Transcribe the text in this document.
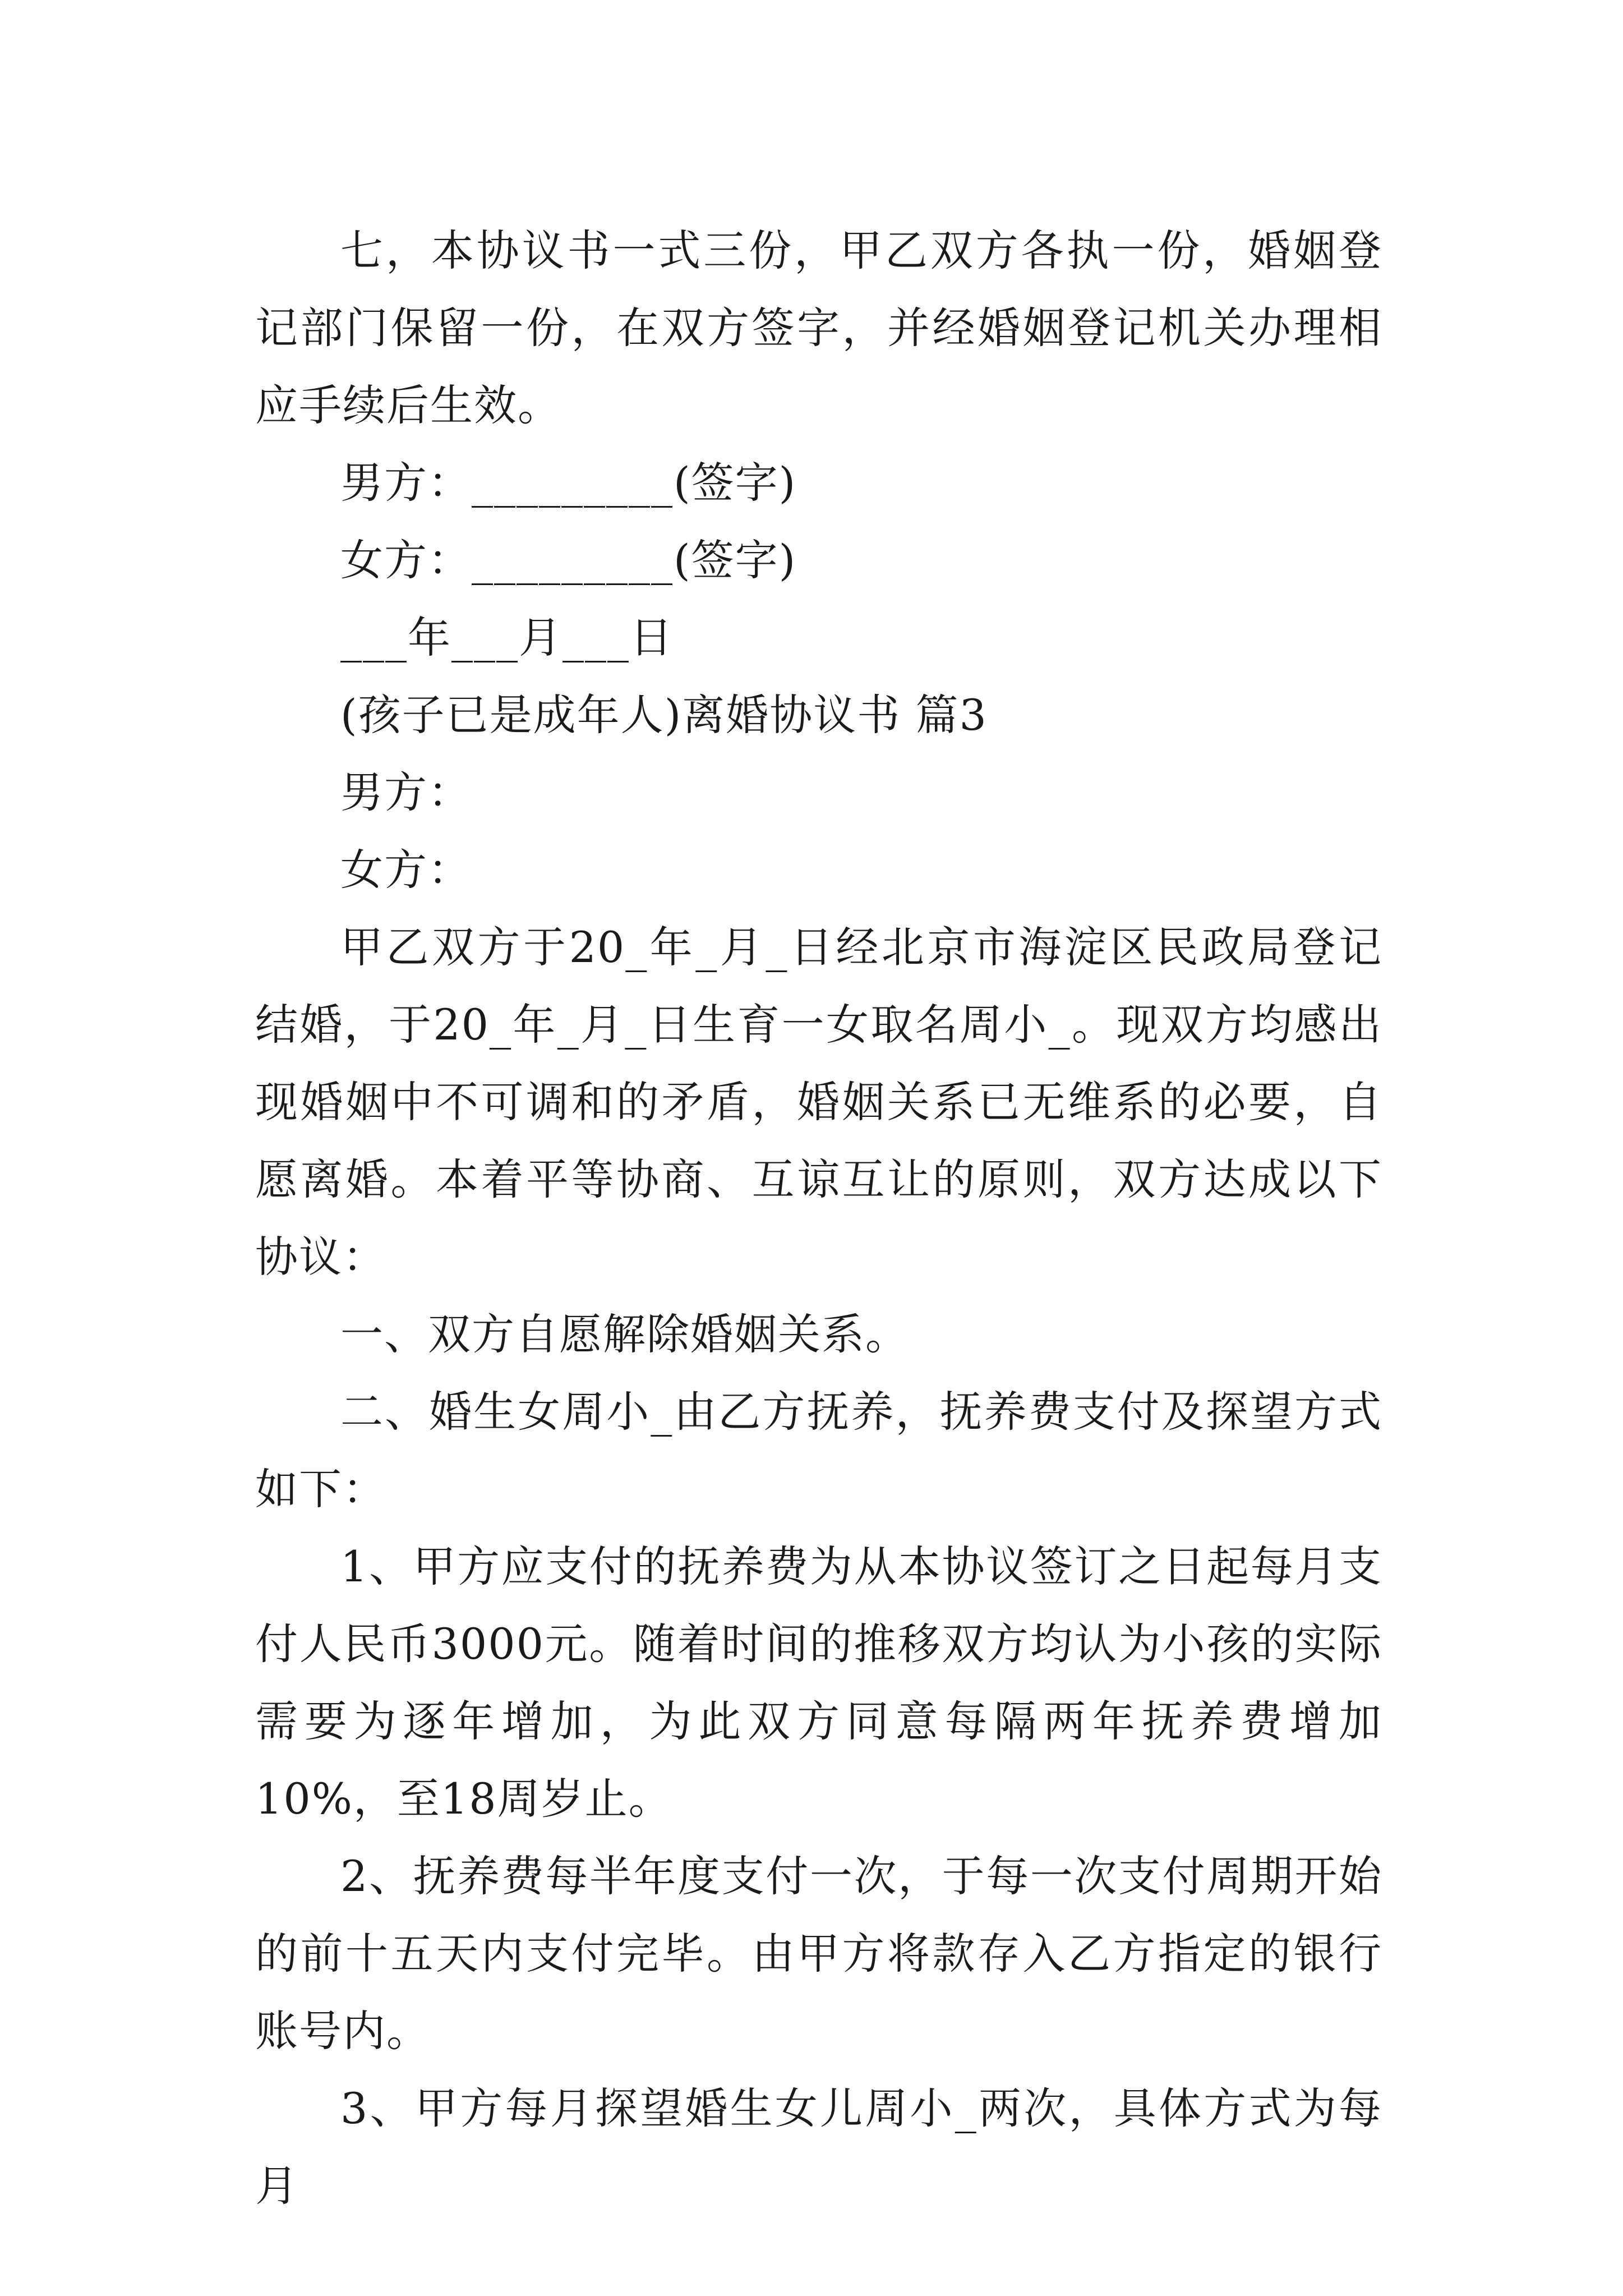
七，本协议书一式三份，甲乙双方各执一份，婚姻登记部门保留一份，在双方签字，并经婚姻登记机关办理相应手续后生效。

男方：_________(签字)

女方：_________(签字)

___年___月___日

(孩子已是成年人)离婚协议书 篇3

男方：

女方：

甲乙双方于20_年_月_日经北京市海淀区民政局登记结婚，于20_年_月_日生育一女取名周小_。现双方均感出现婚姻中不可调和的矛盾，婚姻关系已无维系的必要，自愿离婚。本着平等协商、互谅互让的原则，双方达成以下协议：

一、双方自愿解除婚姻关系。

二、婚生女周小_由乙方抚养，抚养费支付及探望方式如下：

1、甲方应支付的抚养费为从本协议签订之日起每月支付人民币3000元。随着时间的推移双方均认为小孩的实际需要为逐年增加，为此双方同意每隔两年抚养费增加10%，至18周岁止。

2、抚养费每半年度支付一次，于每一次支付周期开始的前十五天内支付完毕。由甲方将款存入乙方指定的银行账号内。

3、甲方每月探望婚生女儿周小_两次，具体方式为每月
